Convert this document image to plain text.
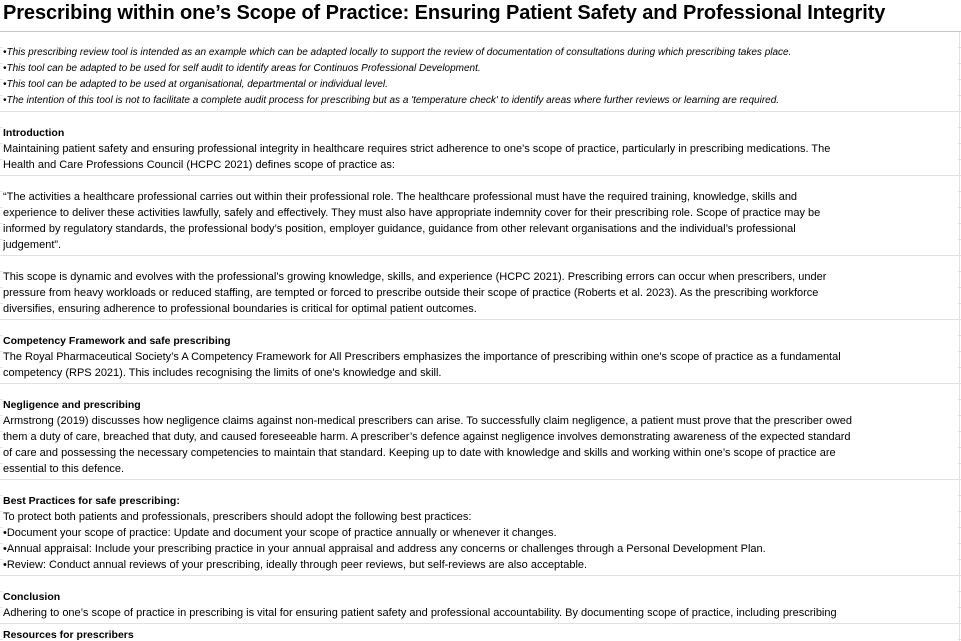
Prescribing within one’s Scope of Practice: Ensuring Patient Safety and Professional Integrity
•This prescribing review tool is intended as an example which can be adapted locally to support the review of documentation of consultations during which prescribing takes place.
•This tool can be adapted to be used for self audit to identify areas for Continuos Professional Development.
•This tool can be adapted to be used at organisational, departmental or individual level.
•The intention of this tool is not to facilitate a complete audit process for prescribing but as a 'temperature check' to identify areas where further reviews or learning are required.
Introduction
Maintaining patient safety and ensuring professional integrity in healthcare requires strict adherence to one's scope of practice, particularly in prescribing medications. The
Health and Care Professions Council (HCPC 2021) defines scope of practice as:
“The activities a healthcare professional carries out within their professional role. The healthcare professional must have the required training, knowledge, skills and
experience to deliver these activities lawfully, safely and effectively. They must also have appropriate indemnity cover for their prescribing role. Scope of practice may be
informed by regulatory standards, the professional body’s position, employer guidance, guidance from other relevant organisations and the individual’s professional
judgement”.
This scope is dynamic and evolves with the professional’s growing knowledge, skills, and experience (HCPC 2021). Prescribing errors can occur when prescribers, under
pressure from heavy workloads or reduced staffing, are tempted or forced to prescribe outside their scope of practice (Roberts et al. 2023). As the prescribing workforce
diversifies, ensuring adherence to professional boundaries is critical for optimal patient outcomes.
Competency Framework and safe prescribing
The Royal Pharmaceutical Society’s A Competency Framework for All Prescribers emphasizes the importance of prescribing within one's scope of practice as a fundamental
competency (RPS 2021). This includes recognising the limits of one's knowledge and skill.
Negligence and prescribing
Armstrong (2019) discusses how negligence claims against non-medical prescribers can arise. To successfully claim negligence, a patient must prove that the prescriber owed
them a duty of care, breached that duty, and caused foreseeable harm. A prescriber’s defence against negligence involves demonstrating awareness of the expected standard
of care and possessing the necessary competencies to maintain that standard. Keeping up to date with knowledge and skills and working within one’s scope of practice are
essential to this defence.
Best Practices for safe prescribing:
To protect both patients and professionals, prescribers should adopt the following best practices:
•Document your scope of practice: Update and document your scope of practice annually or whenever it changes.
•Annual appraisal: Include your prescribing practice in your annual appraisal and address any concerns or challenges through a Personal Development Plan.
•Review: Conduct annual reviews of your prescribing, ideally through peer reviews, but self-reviews are also acceptable.
Conclusion
Adhering to one’s scope of practice in prescribing is vital for ensuring patient safety and professional accountability. By documenting scope of practice, including prescribing
Resources for prescribers
